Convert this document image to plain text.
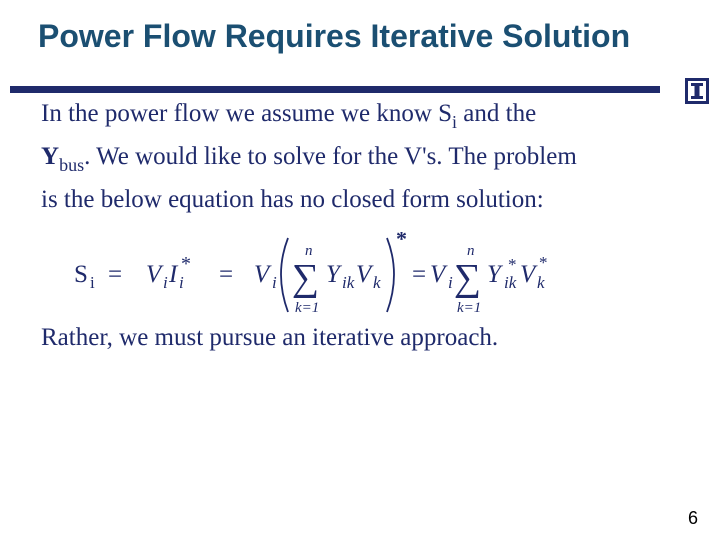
Power Flow Requires Iterative Solution
In the power flow we assume we know $S_i$ and the
$Y_{bus}$. We would like to solve for the V's. The problem
is the below equation has no closed form solution:
S i = V i I i
* = V i
n
∑
k=1
Y ik V k
*
= V i
n
∑
k=1
Y ik
* V k
*
Rather, we must pursue an iterative approach.
6
